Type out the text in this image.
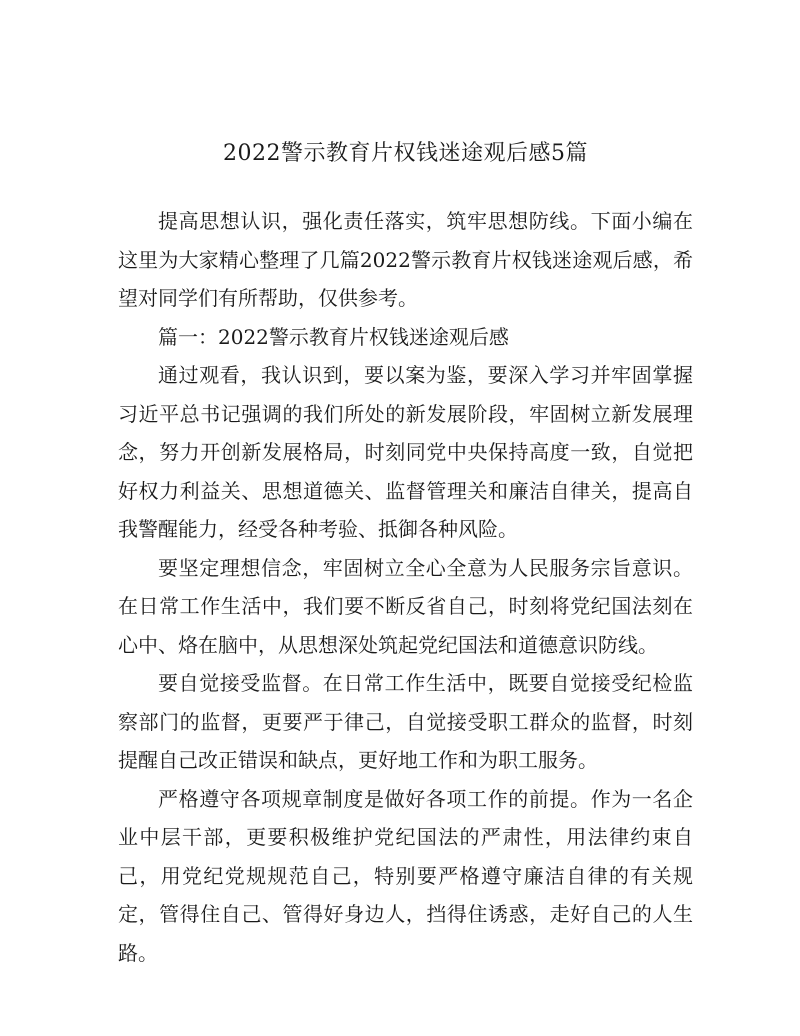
2022警示教育片权钱迷途观后感5篇

提高思想认识，强化责任落实，筑牢思想防线。下面小编在这里为大家精心整理了几篇2022警示教育片权钱迷途观后感，希望对同学们有所帮助，仅供参考。

篇一：2022警示教育片权钱迷途观后感

通过观看，我认识到，要以案为鉴，要深入学习并牢固掌握习近平总书记强调的我们所处的新发展阶段，牢固树立新发展理念，努力开创新发展格局，时刻同党中央保持高度一致，自觉把好权力利益关、思想道德关、监督管理关和廉洁自律关，提高自我警醒能力，经受各种考验、抵御各种风险。

要坚定理想信念，牢固树立全心全意为人民服务宗旨意识。在日常工作生活中，我们要不断反省自己，时刻将党纪国法刻在心中、烙在脑中，从思想深处筑起党纪国法和道德意识防线。

要自觉接受监督。在日常工作生活中，既要自觉接受纪检监察部门的监督，更要严于律己，自觉接受职工群众的监督，时刻提醒自己改正错误和缺点，更好地工作和为职工服务。

严格遵守各项规章制度是做好各项工作的前提。作为一名企业中层干部，更要积极维护党纪国法的严肃性，用法律约束自己，用党纪党规规范自己，特别要严格遵守廉洁自律的有关规定，管得住自己、管得好身边人，挡得住诱惑，走好自己的人生路。
